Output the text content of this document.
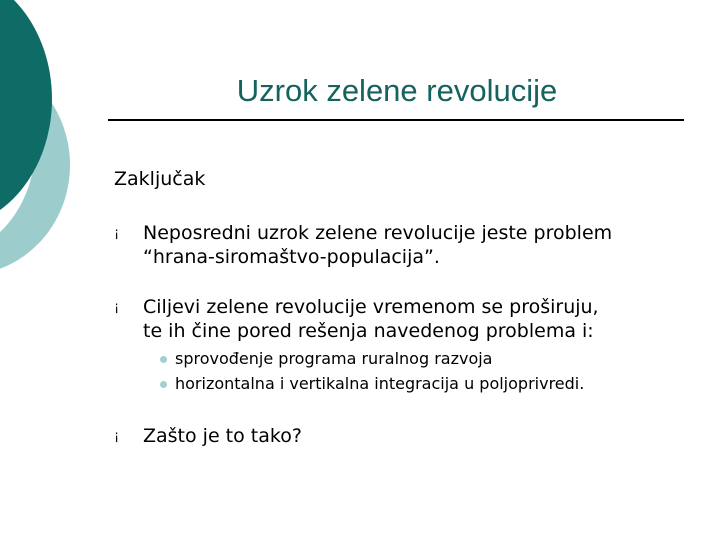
Uzrok zelene revolucije
Zaključak
¡	Neposredni uzrok zelene revolucije jeste problem
“hrana-siromaštvo-populacija”.
¡	Ciljevi zelene revolucije vremenom se proširuju,
te ih čine pored rešenja navedenog problema i:
sprovođenje programa ruralnog razvoja
horizontalna i vertikalna integracija u poljoprivredi.
¡	Zašto je to tako?
